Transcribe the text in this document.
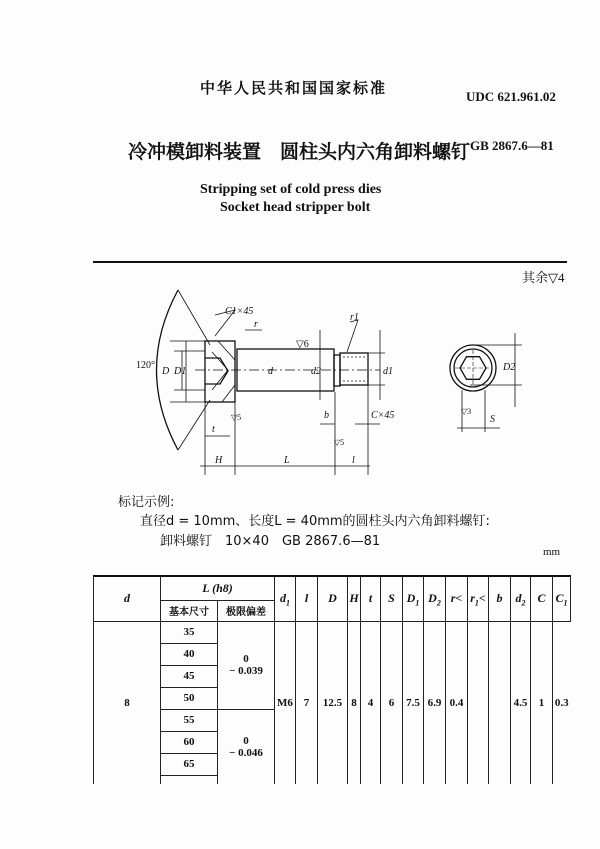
中华人民共和国国家标准	UDC 621.961.02
冷冲模卸料装置　圆柱头内六角卸料螺钉 GB 2867.6—81
Stripping set of cold press dies
Socket head stripper bolt
其余▽4
C1×45
r
r1
120°
D D1	d	d2	d1	D2
▽6
▽5
▽5
▽3
t
b	C×45
H	L	l
S
标记示例:
直径d = 10mm、长度L = 40mm的圆柱头内六角卸料螺钉:
卸料螺钉　10×40　GB 2867.6—81
mm
d	L (h8)		$d_1$	l	D	H	t	S	$D_1$	$D_2$	r<	$r_1<$	b	$d_2$	C	$C_1$
	基本尺寸	极限偏差														
8	35	0
− 0.039	M6	7	12.5	8	4	6	7.5	6.9	0.4			4.5	1	0.3
	40															
	45															
	50															
	55	0
− 0.046														

	60															
	65															
